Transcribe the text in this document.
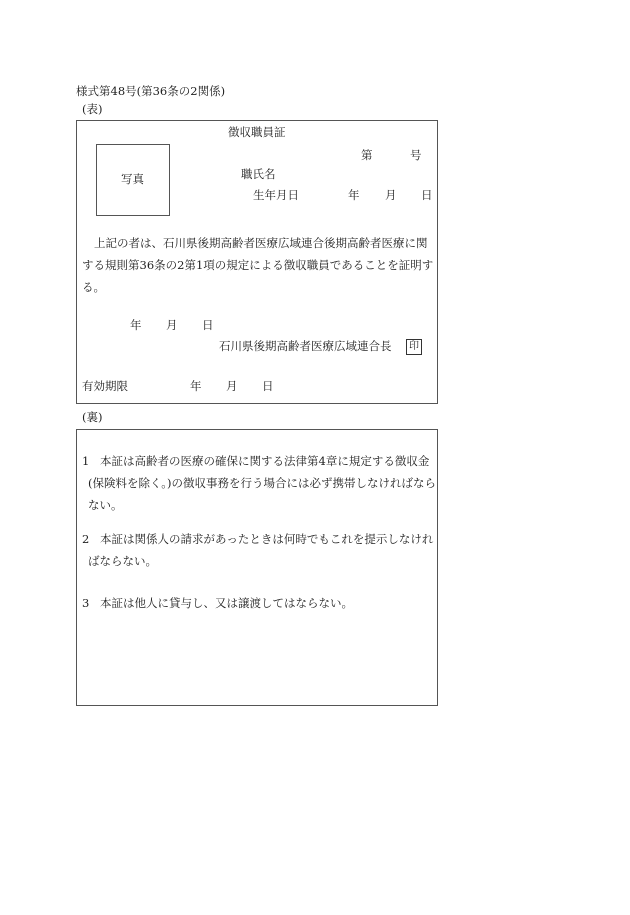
様式第48号(第36条の2関係)
(表)
徴収職員証
第	号
写真	職氏名
生年月日	年 月 日
上記の者は、石川県後期高齢者医療広域連合後期高齢者医療に関する規則第36条の2第1項の規定による徴収職員であることを証明する。
年 月 日
石川県後期高齢者医療広域連合長	印
有効期限	年 月 日
(裏)
1 本証は高齢者の医療の確保に関する法律第4章に規定する徴収金(保険料を除く。)の徴収事務を行う場合には必ず携帯しなければならない。
2 本証は関係人の請求があったときは何時でもこれを提示しなければならない。
3 本証は他人に貸与し、又は譲渡してはならない。
